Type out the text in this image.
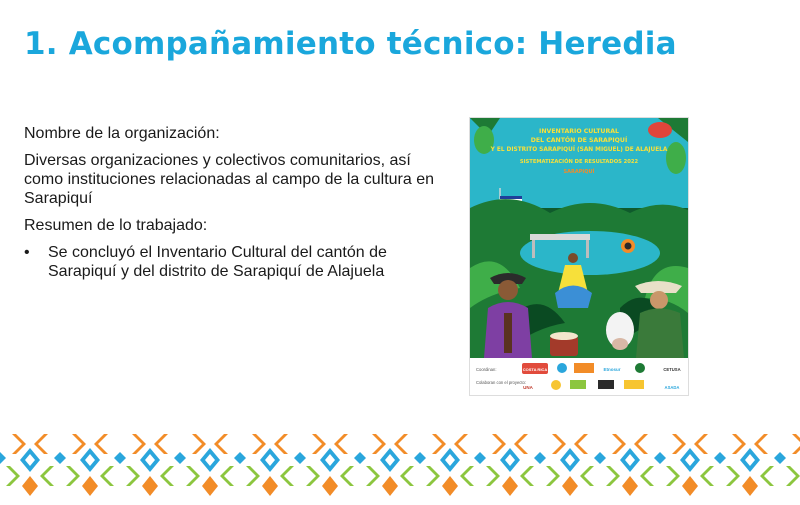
1. Acompañamiento técnico: Heredia
Nombre de la organización:
Diversas organizaciones y colectivos comunitarios, así como instituciones relacionadas al campo de la cultura en Sarapiquí
Resumen de lo trabajado:
• Se concluyó el Inventario Cultural del cantón de Sarapiquí y del distrito de Sarapiquí de Alajuela
INVENTARIO CULTURAL
DEL CANTÓN DE SARAPIQUÍ
Y EL DISTRITO SARAPIQUÍ (SAN MIGUEL) DE ALAJUELA
SISTEMATIZACIÓN DE RESULTADOS 2022
SARAPIQUÍ
Coordinan:
Colaboran con el proyecto:
COSTA RICA	Etnosur	CETUSA
UNA	ASADA
